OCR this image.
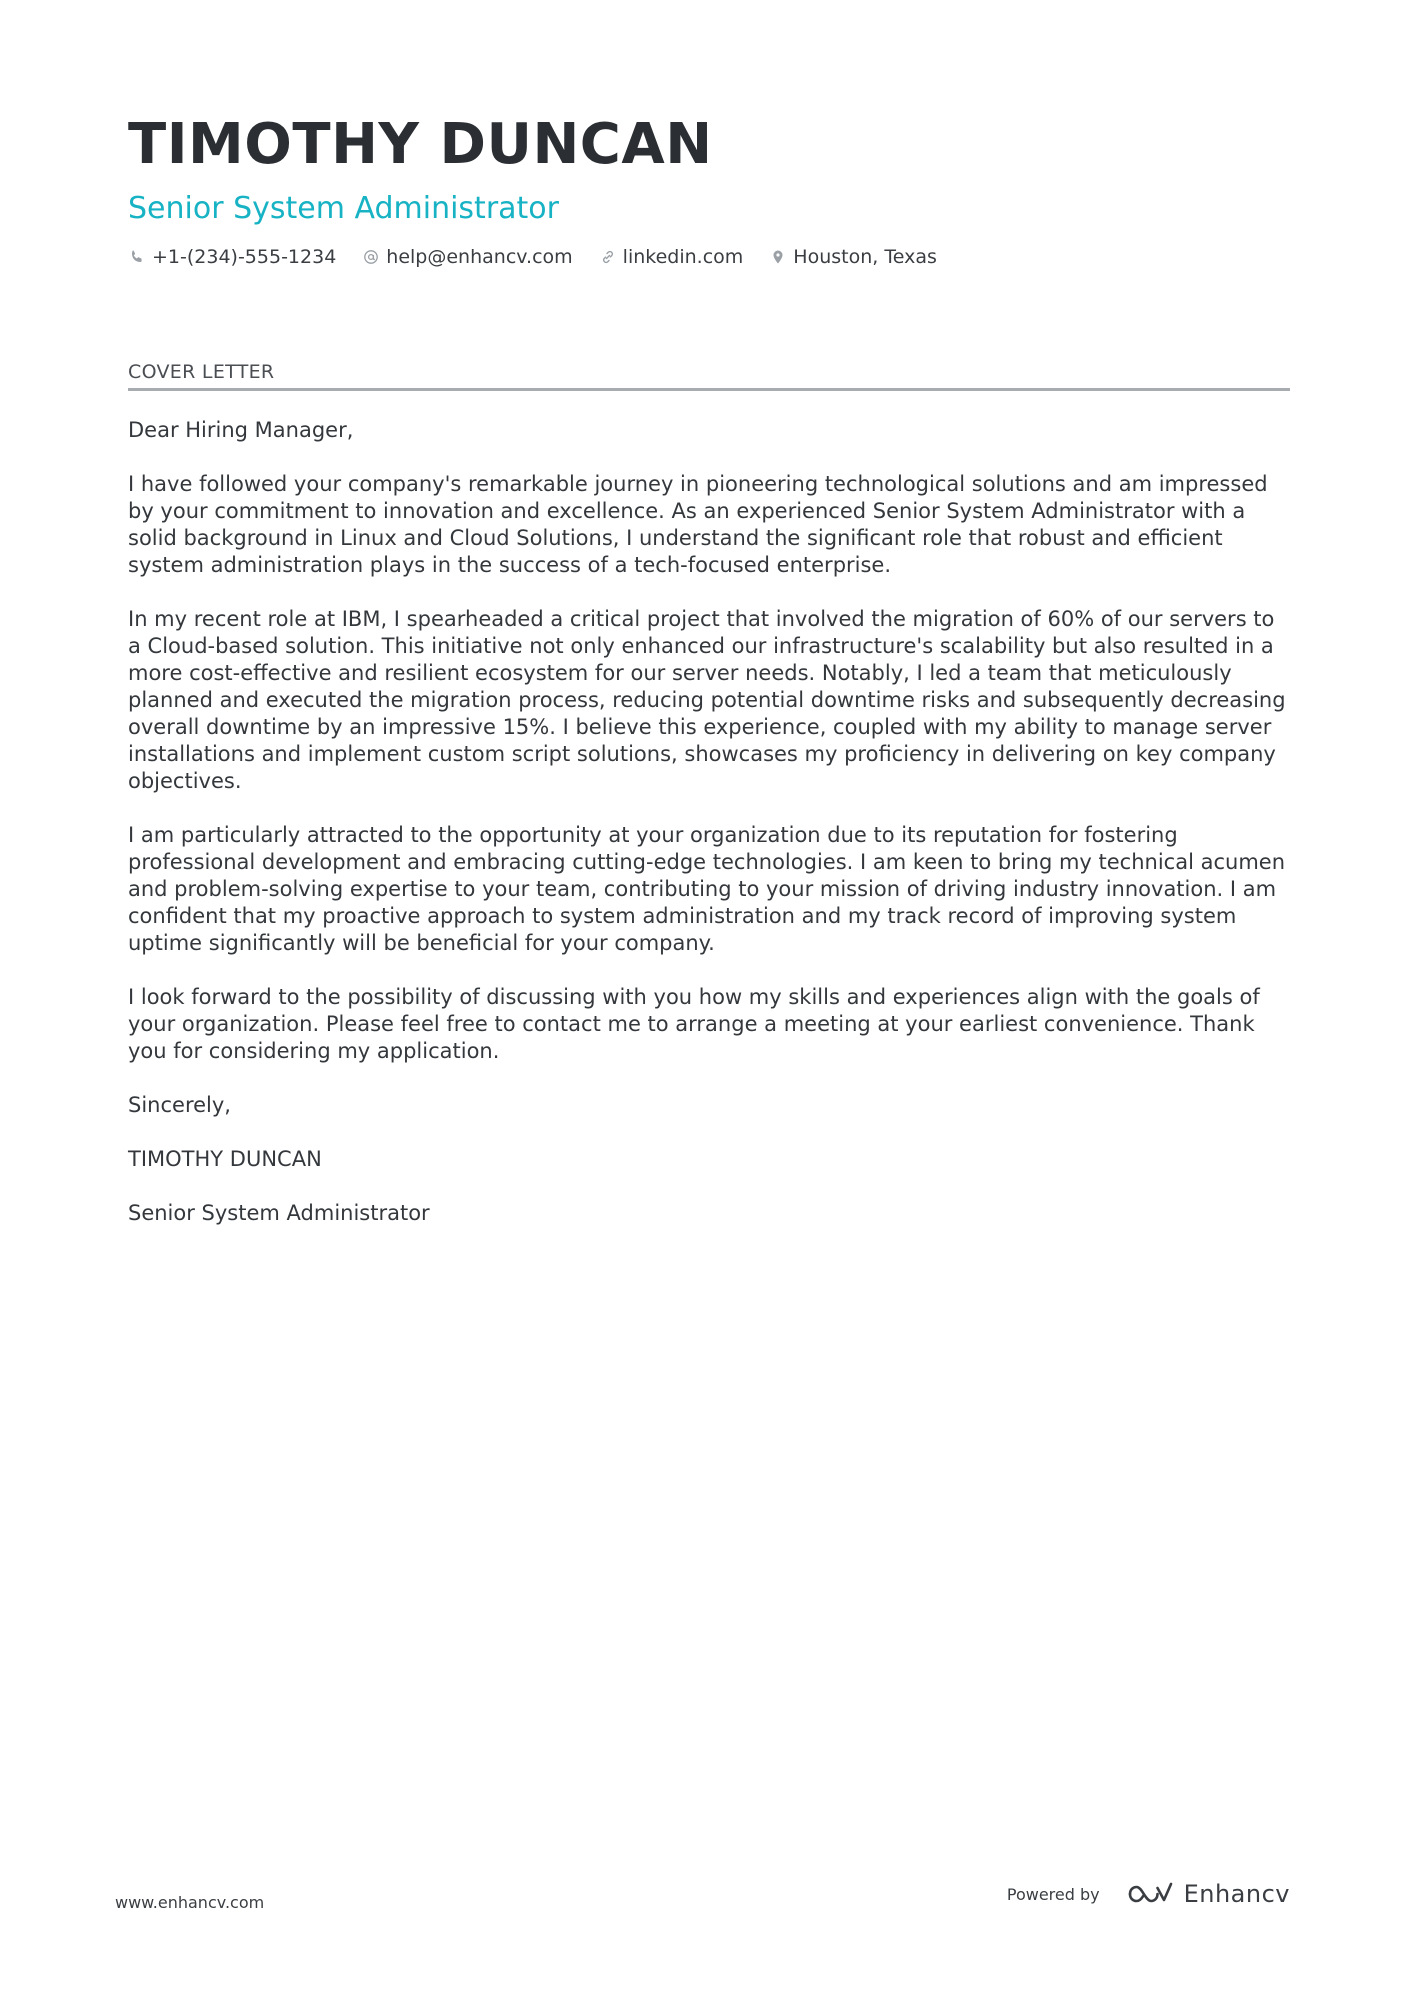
TIMOTHY DUNCAN
Senior System Administrator
+1-(234)-555-1234	help@enhancv.com	linkedin.com	Houston, Texas
COVER LETTER

Dear Hiring Manager,

I have followed your company's remarkable journey in pioneering technological solutions and am impressed by your commitment to innovation and excellence. As an experienced Senior System Administrator with a solid background in Linux and Cloud Solutions, I understand the significant role that robust and efficient system administration plays in the success of a tech-focused enterprise.

In my recent role at IBM, I spearheaded a critical project that involved the migration of 60% of our servers to a Cloud-based solution. This initiative not only enhanced our infrastructure's scalability but also resulted in a more cost-effective and resilient ecosystem for our server needs. Notably, I led a team that meticulously planned and executed the migration process, reducing potential downtime risks and subsequently decreasing overall downtime by an impressive 15%. I believe this experience, coupled with my ability to manage server installations and implement custom script solutions, showcases my proficiency in delivering on key company objectives.

I am particularly attracted to the opportunity at your organization due to its reputation for fostering professional development and embracing cutting-edge technologies. I am keen to bring my technical acumen and problem-solving expertise to your team, contributing to your mission of driving industry innovation. I am confident that my proactive approach to system administration and my track record of improving system uptime significantly will be beneficial for your company.

I look forward to the possibility of discussing with you how my skills and experiences align with the goals of your organization. Please feel free to contact me to arrange a meeting at your earliest convenience. Thank you for considering my application.

Sincerely,

TIMOTHY DUNCAN

Senior System Administrator

www.enhancv.com	Powered by	Enhancv
